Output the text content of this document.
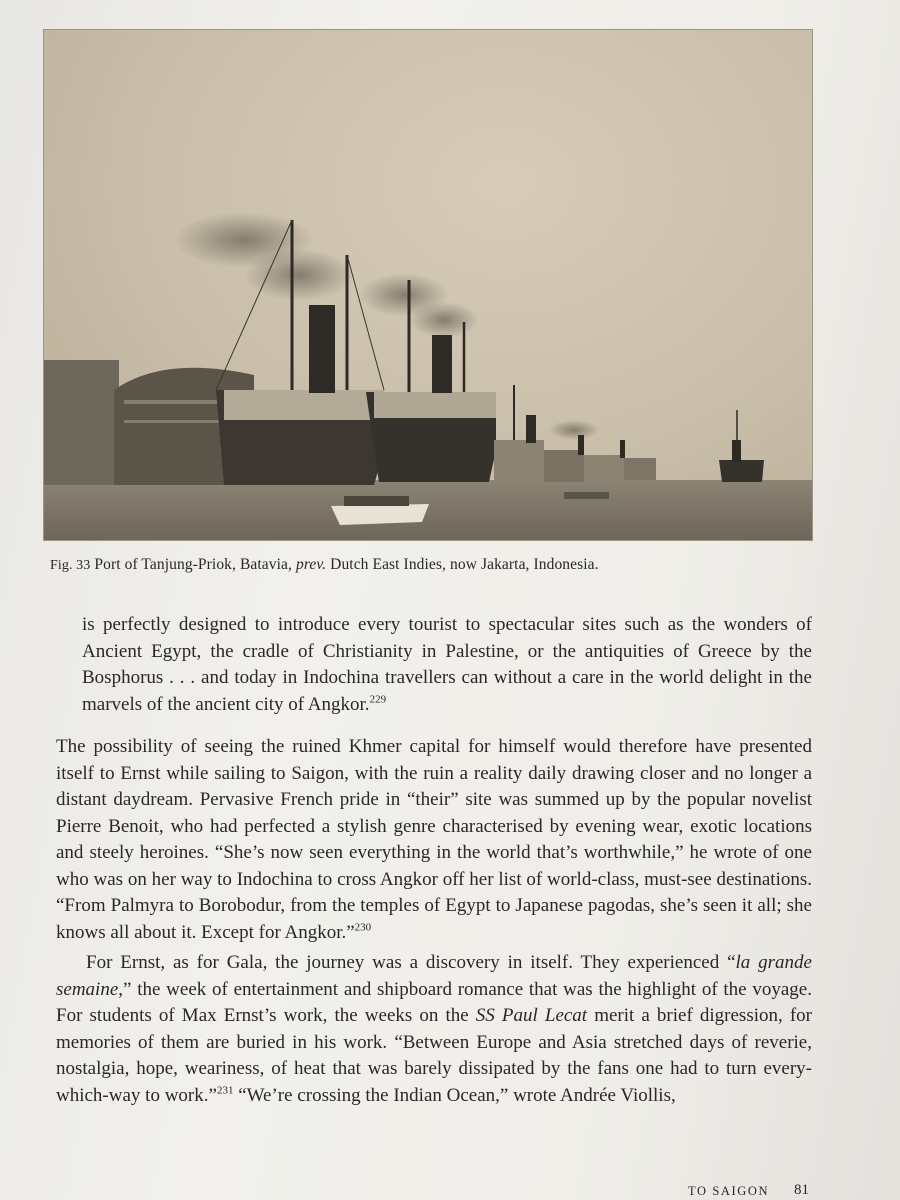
Fig. 33 Port of Tanjung-Priok, Batavia, prev. Dutch East Indies, now Jakarta, Indonesia.

is perfectly designed to introduce every tourist to spectacular sites such as the wonders of Ancient Egypt, the cradle of Christianity in Palestine, or the antiquities of Greece by the Bosphorus . . . and today in Indochina travellers can without a care in the world delight in the marvels of the ancient city of Angkor.$^{229}$

The possibility of seeing the ruined Khmer capital for himself would therefore have presented itself to Ernst while sailing to Saigon, with the ruin a reality daily drawing closer and no longer a distant daydream. Pervasive French pride in “their” site was summed up by the popular novelist Pierre Benoit, who had perfected a stylish genre characterised by evening wear, exotic locations and steely heroines. “She’s now seen everything in the world that’s worthwhile,” he wrote of one who was on her way to Indochina to cross Angkor off her list of world-class, must-see destinations. “From Palmyra to Borobodur, from the temples of Egypt to Japanese pagodas, she’s seen it all; she knows all about it. Except for Angkor.”$^{230}$

For Ernst, as for Gala, the journey was a discovery in itself. They experienced “la grande semaine,” the week of entertainment and shipboard romance that was the highlight of the voyage. For students of Max Ernst’s work, the weeks on the SS Paul Lecat merit a brief digression, for memories of them are buried in his work. “Between Europe and Asia stretched days of reverie, nostalgia, hope, weariness, of heat that was barely dissipated by the fans one had to turn every-which-way to work.”$^{231}$ “We’re crossing the Indian Ocean,” wrote Andrée Viollis,

TO SAIGON 81
